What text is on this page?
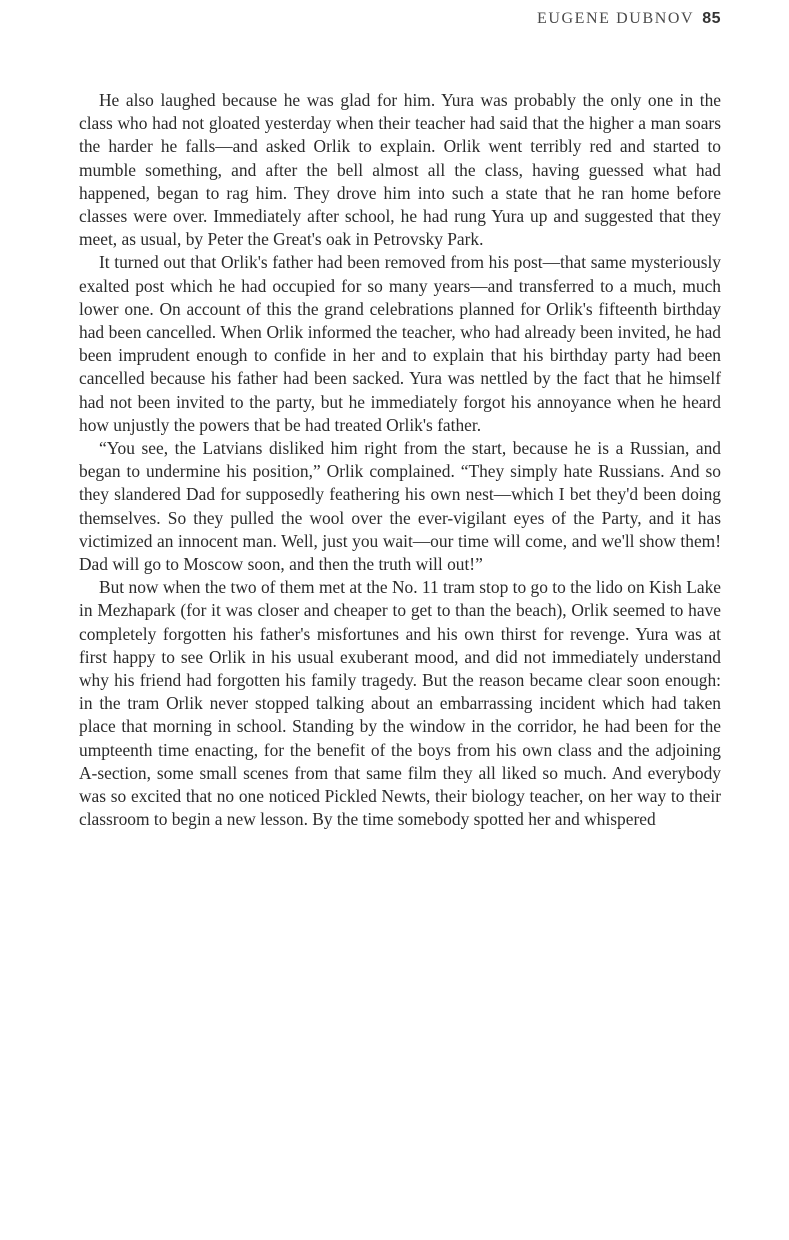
EUGENE DUBNOV 85

He also laughed because he was glad for him. Yura was probably the only one in the class who had not gloated yesterday when their teacher had said that the higher a man soars the harder he falls—and asked Orlik to explain. Orlik went terribly red and started to mumble something, and after the bell almost all the class, having guessed what had happened, began to rag him. They drove him into such a state that he ran home before classes were over. Immediately after school, he had rung Yura up and suggested that they meet, as usual, by Peter the Great's oak in Petrovsky Park.

It turned out that Orlik's father had been removed from his post—that same mysteriously exalted post which he had occupied for so many years—and transferred to a much, much lower one. On account of this the grand celebrations planned for Orlik's fifteenth birthday had been cancelled. When Orlik informed the teacher, who had already been invited, he had been imprudent enough to confide in her and to explain that his birthday party had been cancelled because his father had been sacked. Yura was nettled by the fact that he himself had not been invited to the party, but he immediately forgot his annoyance when he heard how unjustly the powers that be had treated Orlik's father.

“You see, the Latvians disliked him right from the start, because he is a Russian, and began to undermine his position,” Orlik complained. “They simply hate Russians. And so they slandered Dad for supposedly feathering his own nest—which I bet they'd been doing themselves. So they pulled the wool over the ever-vigilant eyes of the Party, and it has victimized an innocent man. Well, just you wait—our time will come, and we'll show them! Dad will go to Moscow soon, and then the truth will out!”

But now when the two of them met at the No. 11 tram stop to go to the lido on Kish Lake in Mezhapark (for it was closer and cheaper to get to than the beach), Orlik seemed to have completely forgotten his father's misfortunes and his own thirst for revenge. Yura was at first happy to see Orlik in his usual exuberant mood, and did not immediately understand why his friend had forgotten his family tragedy. But the reason became clear soon enough: in the tram Orlik never stopped talking about an embarrassing incident which had taken place that morning in school. Standing by the window in the corridor, he had been for the umpteenth time enacting, for the benefit of the boys from his own class and the adjoining A-section, some small scenes from that same film they all liked so much. And everybody was so excited that no one noticed Pickled Newts, their biology teacher, on her way to their classroom to begin a new lesson. By the time somebody spotted her and whispered
